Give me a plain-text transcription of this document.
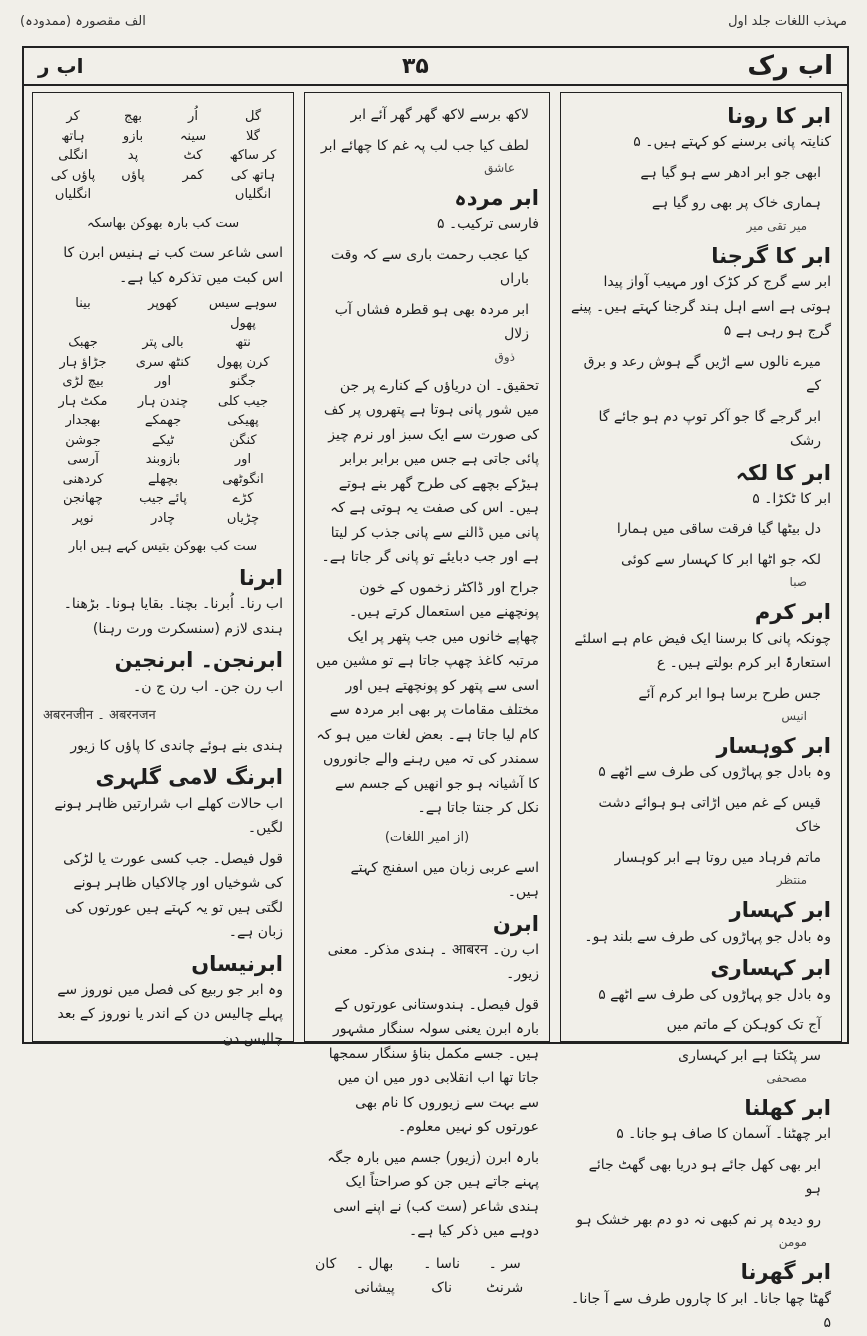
مہذب اللغات جلد اول
الف مقصورہ (ممدودہ)
اب رک
۳۵
اب ر
ابر کا رونا
کنایتہ پانی برسنے کو کہتے ہیں۔ ۵
ابھی جو ابر ادھر سے ہو گیا ہے
ہماری خاک پر بھی رو گیا ہے
میر تقی میر
ابر کا گرجنا
ابر سے گرج کر کڑک اور مہیب آواز پیدا ہوتی ہے اسے اہل ہند گرجنا کہتے ہیں۔ پینے گرج ہو رہی ہے ۵
میرے نالوں سے اڑیں گے ہوش رعد و برق کے
ابر گرجے گا جو آکر توپ دم ہو جائے گا رشک
ابر کا لکہ
ابر کا ٹکڑا۔ ۵
دل بیٹھا گیا فرقت ساقی میں ہمارا
لکہ جو اٹھا ابر کا کہسار سے کوئی
صبا
ابر کرم
چونکہ پانی کا برسنا ایک فیض عام ہے اسلئے استعارۃً ابر کرم بولتے ہیں۔ ع
جس طرح برسا ہوا ابر کرم آئے
انیس
ابر کوہسار
وہ بادل جو پہاڑوں کی طرف سے اٹھے ۵
قیس کے غم میں اڑاتی ہو ہوائے دشت خاک
ماتم فرہاد میں روتا ہے ابر کوہسار
منتظر
ابر کہسار
وہ بادل جو پہاڑوں کی طرف سے بلند ہو۔
ابر کہساری
وہ بادل جو پہاڑوں کی طرف سے اٹھے ۵
آج تک کوہکن کے ماتم میں
سر پٹکتا ہے ابر کہساری
مصحفی
ابر کھلنا
ابر چھٹنا۔ آسمان کا صاف ہو جانا۔ ۵
ابر بھی کھل جائے ہو دریا بھی گھٹ جائے ہو
رو دیدہ پر نم کبھی نہ دو دم بھر خشک ہو
مومن
ابر گھرنا
گھٹا چھا جانا۔ ابر کا چاروں طرف سے آ جانا۔ ۵
لاکھ برسے لاکھ گھر گھر آئے ابر
لطف کیا جب لب پہ غم کا چھائے ابر
عاشق
ابر مردہ
فارسی ترکیب۔ ۵
کیا عجب رحمت باری سے کہ وقت باراں
ابر مردہ بھی ہو قطرہ فشاں آب زلال
ذوق
تحقیق۔ ان دریاؤں کے کنارے پر جن میں شور پانی ہوتا ہے پتھروں پر کف کی صورت سے ایک سبز اور نرم چیز پائی جاتی ہے جس میں برابر برابر ہیڑکے بچھے کی طرح گھر بنے ہوتے ہیں۔ اس کی صفت یہ ہوتی ہے کہ پانی میں ڈالنے سے پانی جذب کر لیتا ہے اور جب دبایئے تو پانی گر جاتا ہے۔
جراح اور ڈاکٹر زخموں کے خون پونچھنے میں استعمال کرتے ہیں۔ چھاپے خانوں میں جب پتھر پر ایک مرتبہ کاغذ چھپ جاتا ہے تو مشین میں اسی سے پتھر کو پونچھتے ہیں اور مختلف مقامات پر بھی ابر مردہ سے کام لیا جاتا ہے۔ بعض لغات میں ہو کہ سمندر کی تہ میں رہنے والے جانوروں کا آشیانہ ہو جو انھیں کے جسم سے نکل کر جنتا جاتا ہے۔
(از امیر اللغات)
اسے عربی زبان میں اسفنج کہتے ہیں۔
ابرن
اب رن۔ आबरन ۔ ہندی مذکر۔ معنی زیور۔
قول فیصل۔ ہندوستانی عورتوں کے بارہ ابرن یعنی سولہ سنگار مشہور ہیں۔ جسے مکمل بناؤ سنگار سمجھا جاتا تھا اب انقلابی دور میں ان میں سے بہت سے زیوروں کا نام بھی عورتوں کو نہیں معلوم۔
بارہ ابرن (زیور) جسم میں بارہ جگہ پہنے جاتے ہیں جن کو صراحتاً ایک ہندی شاعر (ست کب) نے اپنے اسی دوہے میں ذکر کیا ہے۔
سر ۔ شرنٹ
ناسا ۔ ناک
بھال ۔ پیشانی
کان
گل
اُر
بھج
کر
گلا
سینہ
بازو
ہاتھ
کر ساکھ
کٹ
پد
انگلی
ہاتھ کی انگلیاں
کمر
پاؤں
پاؤں کی انگلیاں
ست کب بارہ بھوکن بھاسکہ
اسی شاعر ست کب نے ہنیس ابرن کا اس کبت میں تذکرہ کیا ہے۔
سوہے سیس پھول
کھوپر
بینا
نتھ
بالی پتر
جھبک
کرن پھول
کنٹھ سری
جڑاؤ ہار
جگنو
اور
بیچ لڑی
جیب کلی
چندن ہار
مکٹ ہار
پھیکی
جھمکے
بھجدار
کنگن
ٹیکے
جوشن
اور
بازوبند
آرسی
انگوٹھی
بچھلے
کردھنی
کڑے
پائے جیب
چھانجن
چڑیاں
چادر
نوپر
ست کب بھوکن بتیس کہے ہیں ابار
ابرنا
اب رنا۔ اُبرنا۔ بچنا۔ بقایا ہونا۔ بڑھنا۔ ہندی لازم (سنسکرت ورت رہنا)
ابرنجن۔ ابرنجین
اب رن جن۔ اب رن ج ن۔
अबरनजीन ۔ अबरनजन
ہندی بنے ہوئے چاندی کا پاؤں کا زیور
ابرنگ لامی گلہری
اب حالات کھلے اب شرارتیں ظاہر ہونے لگیں۔
قول فیصل۔ جب کسی عورت یا لڑکی کی شوخیاں اور چالاکیاں ظاہر ہونے لگتی ہیں تو یہ کہتے ہیں عورتوں کی زبان ہے۔
ابرنیساں
وہ ابر جو ربیع کی فصل میں نوروز سے پہلے چالیس دن کے اندر یا نوروز کے بعد چالیس دن
